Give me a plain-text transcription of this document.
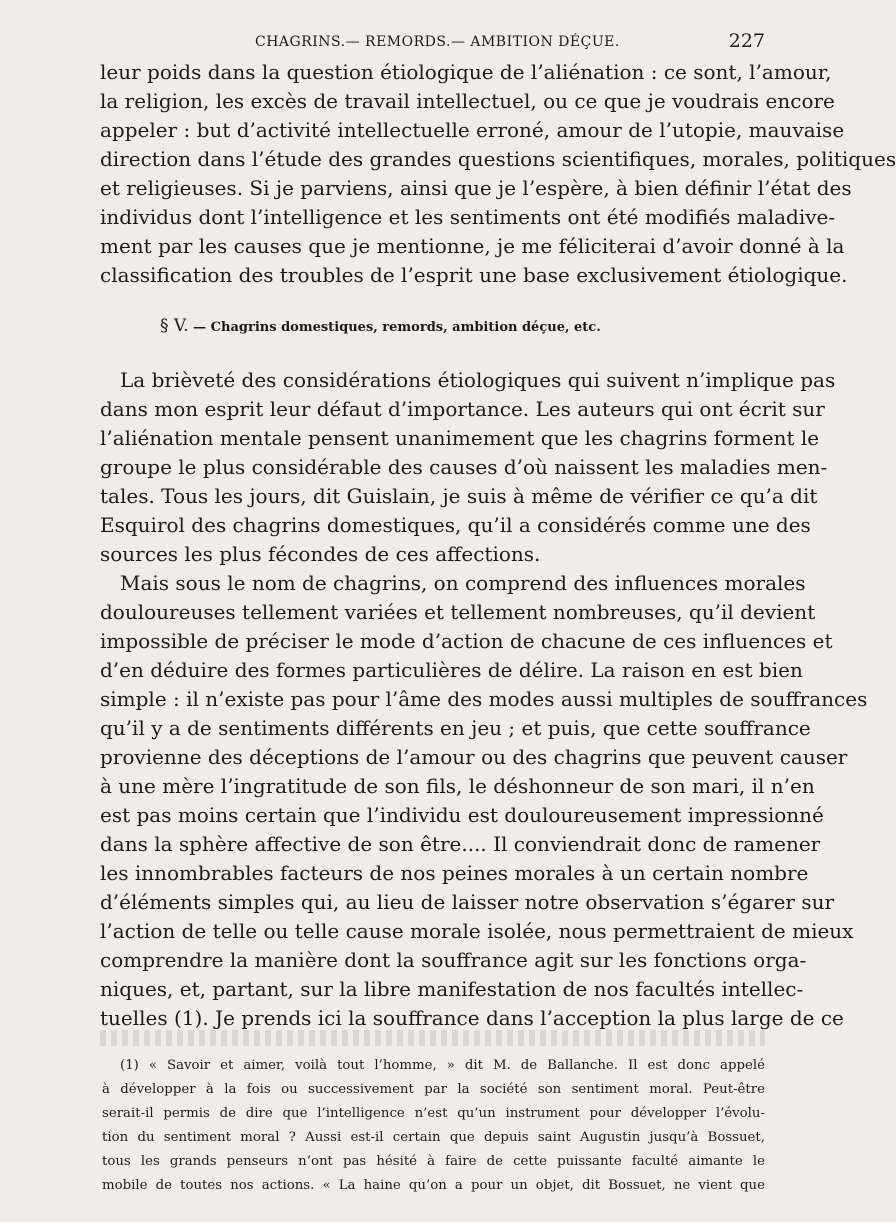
CHAGRINS.— REMORDS.— AMBITION DÉÇUE.	227
leur poids dans la question étiologique de l’aliénation : ce sont, l’amour,
la religion, les excès de travail intellectuel, ou ce que je voudrais encore
appeler : but d’activité intellectuelle erroné, amour de l’utopie, mauvaise
direction dans l’étude des grandes questions scientifiques, morales, politiques
et religieuses. Si je parviens, ainsi que je l’espère, à bien définir l’état des
individus dont l’intelligence et les sentiments ont été modifiés maladive-
ment par les causes que je mentionne, je me féliciterai d’avoir donné à la
classification des troubles de l’esprit une base exclusivement étiologique.
La brièveté des considérations étiologiques qui suivent n’implique pas
dans mon esprit leur défaut d’importance. Les auteurs qui ont écrit sur
l’aliénation mentale pensent unanimement que les chagrins forment le
groupe le plus considérable des causes d’où naissent les maladies men-
tales. Tous les jours, dit Guislain, je suis à même de vérifier ce qu’a dit
Esquirol des chagrins domestiques, qu’il a considérés comme une des
sources les plus fécondes de ces affections.
Mais sous le nom de chagrins, on comprend des influences morales
douloureuses tellement variées et tellement nombreuses, qu’il devient
impossible de préciser le mode d’action de chacune de ces influences et
d’en déduire des formes particulières de délire. La raison en est bien
simple : il n’existe pas pour l’âme des modes aussi multiples de souffrances
qu’il y a de sentiments différents en jeu ; et puis, que cette souffrance
provienne des déceptions de l’amour ou des chagrins que peuvent causer
à une mère l’ingratitude de son fils, le déshonneur de son mari, il n’en
est pas moins certain que l’individu est douloureusement impressionné
dans la sphère affective de son être.... Il conviendrait donc de ramener
les innombrables facteurs de nos peines morales à un certain nombre
d’éléments simples qui, au lieu de laisser notre observation s’égarer sur
l’action de telle ou telle cause morale isolée, nous permettraient de mieux
comprendre la manière dont la souffrance agit sur les fonctions orga-
niques, et, partant, sur la libre manifestation de nos facultés intellec-
tuelles (1). Je prends ici la souffrance dans l’acception la plus large de ce
§ V. — Chagrins domestiques, remords, ambition déçue, etc.
(1) « Savoir et aimer, voilà tout l’homme, » dit M. de Ballanche. Il est donc appelé
à développer à la fois ou successivement par la société son sentiment moral. Peut-être
serait-il permis de dire que l’intelligence n’est qu’un instrument pour développer l’évolu-
tion du sentiment moral ? Aussi est-il certain que depuis saint Augustin jusqu’à Bossuet,
tous les grands penseurs n’ont pas hésité à faire de cette puissante faculté aimante le
mobile de toutes nos actions. « La haine qu’on a pour un objet, dit Bossuet, ne vient que
